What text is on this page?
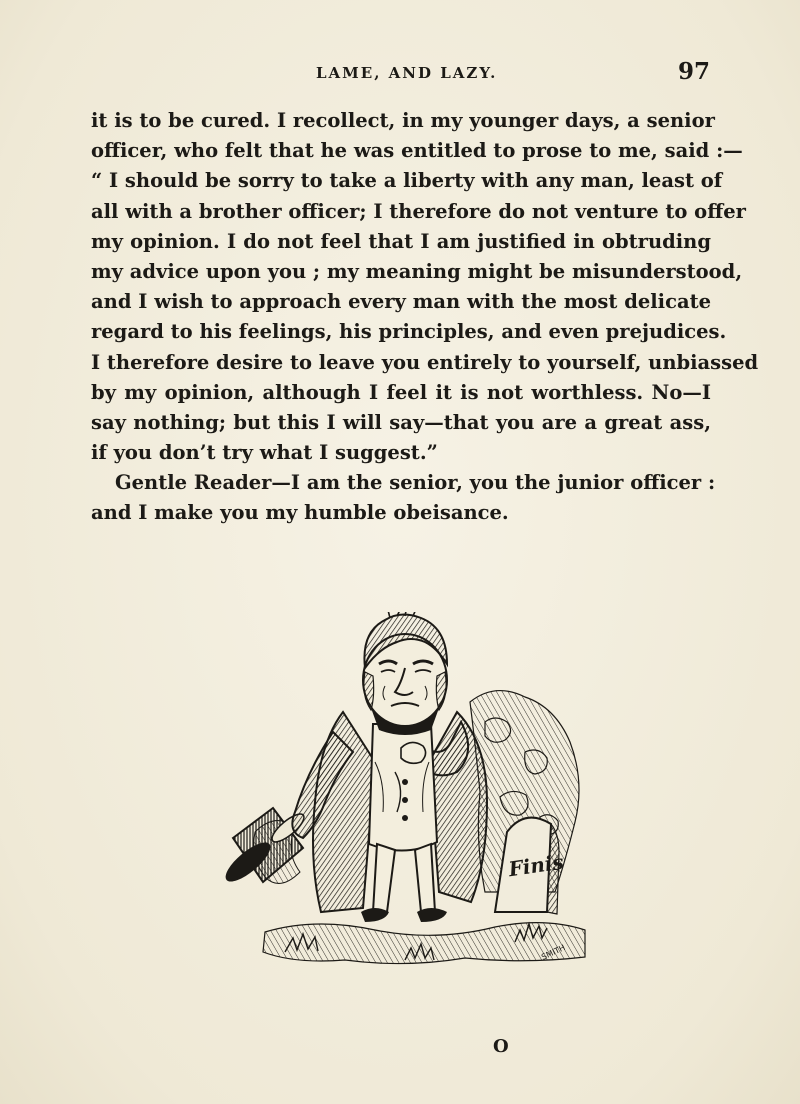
LAME, AND LAZY.	97
it is to be cured. I recollect, in my younger days, a senior
officer, who felt that he was entitled to prose to me, said :—
“ I should be sorry to take a liberty with any man, least of
all with a brother officer; I therefore do not venture to offer
my opinion. I do not feel that I am justified in obtruding
my advice upon you ; my meaning might be misunderstood,
and I wish to approach every man with the most delicate
regard to his feelings, his principles, and even prejudices.
I therefore desire to leave you entirely to yourself, unbiassed
by my opinion, although I feel it is not worthless. No—I
say nothing; but this I will say—that you are a great ass,
if you don’t try what I suggest.”
Gentle Reader—I am the senior, you the junior officer :
and I make you my humble obeisance.
Finis
SMITH
O
